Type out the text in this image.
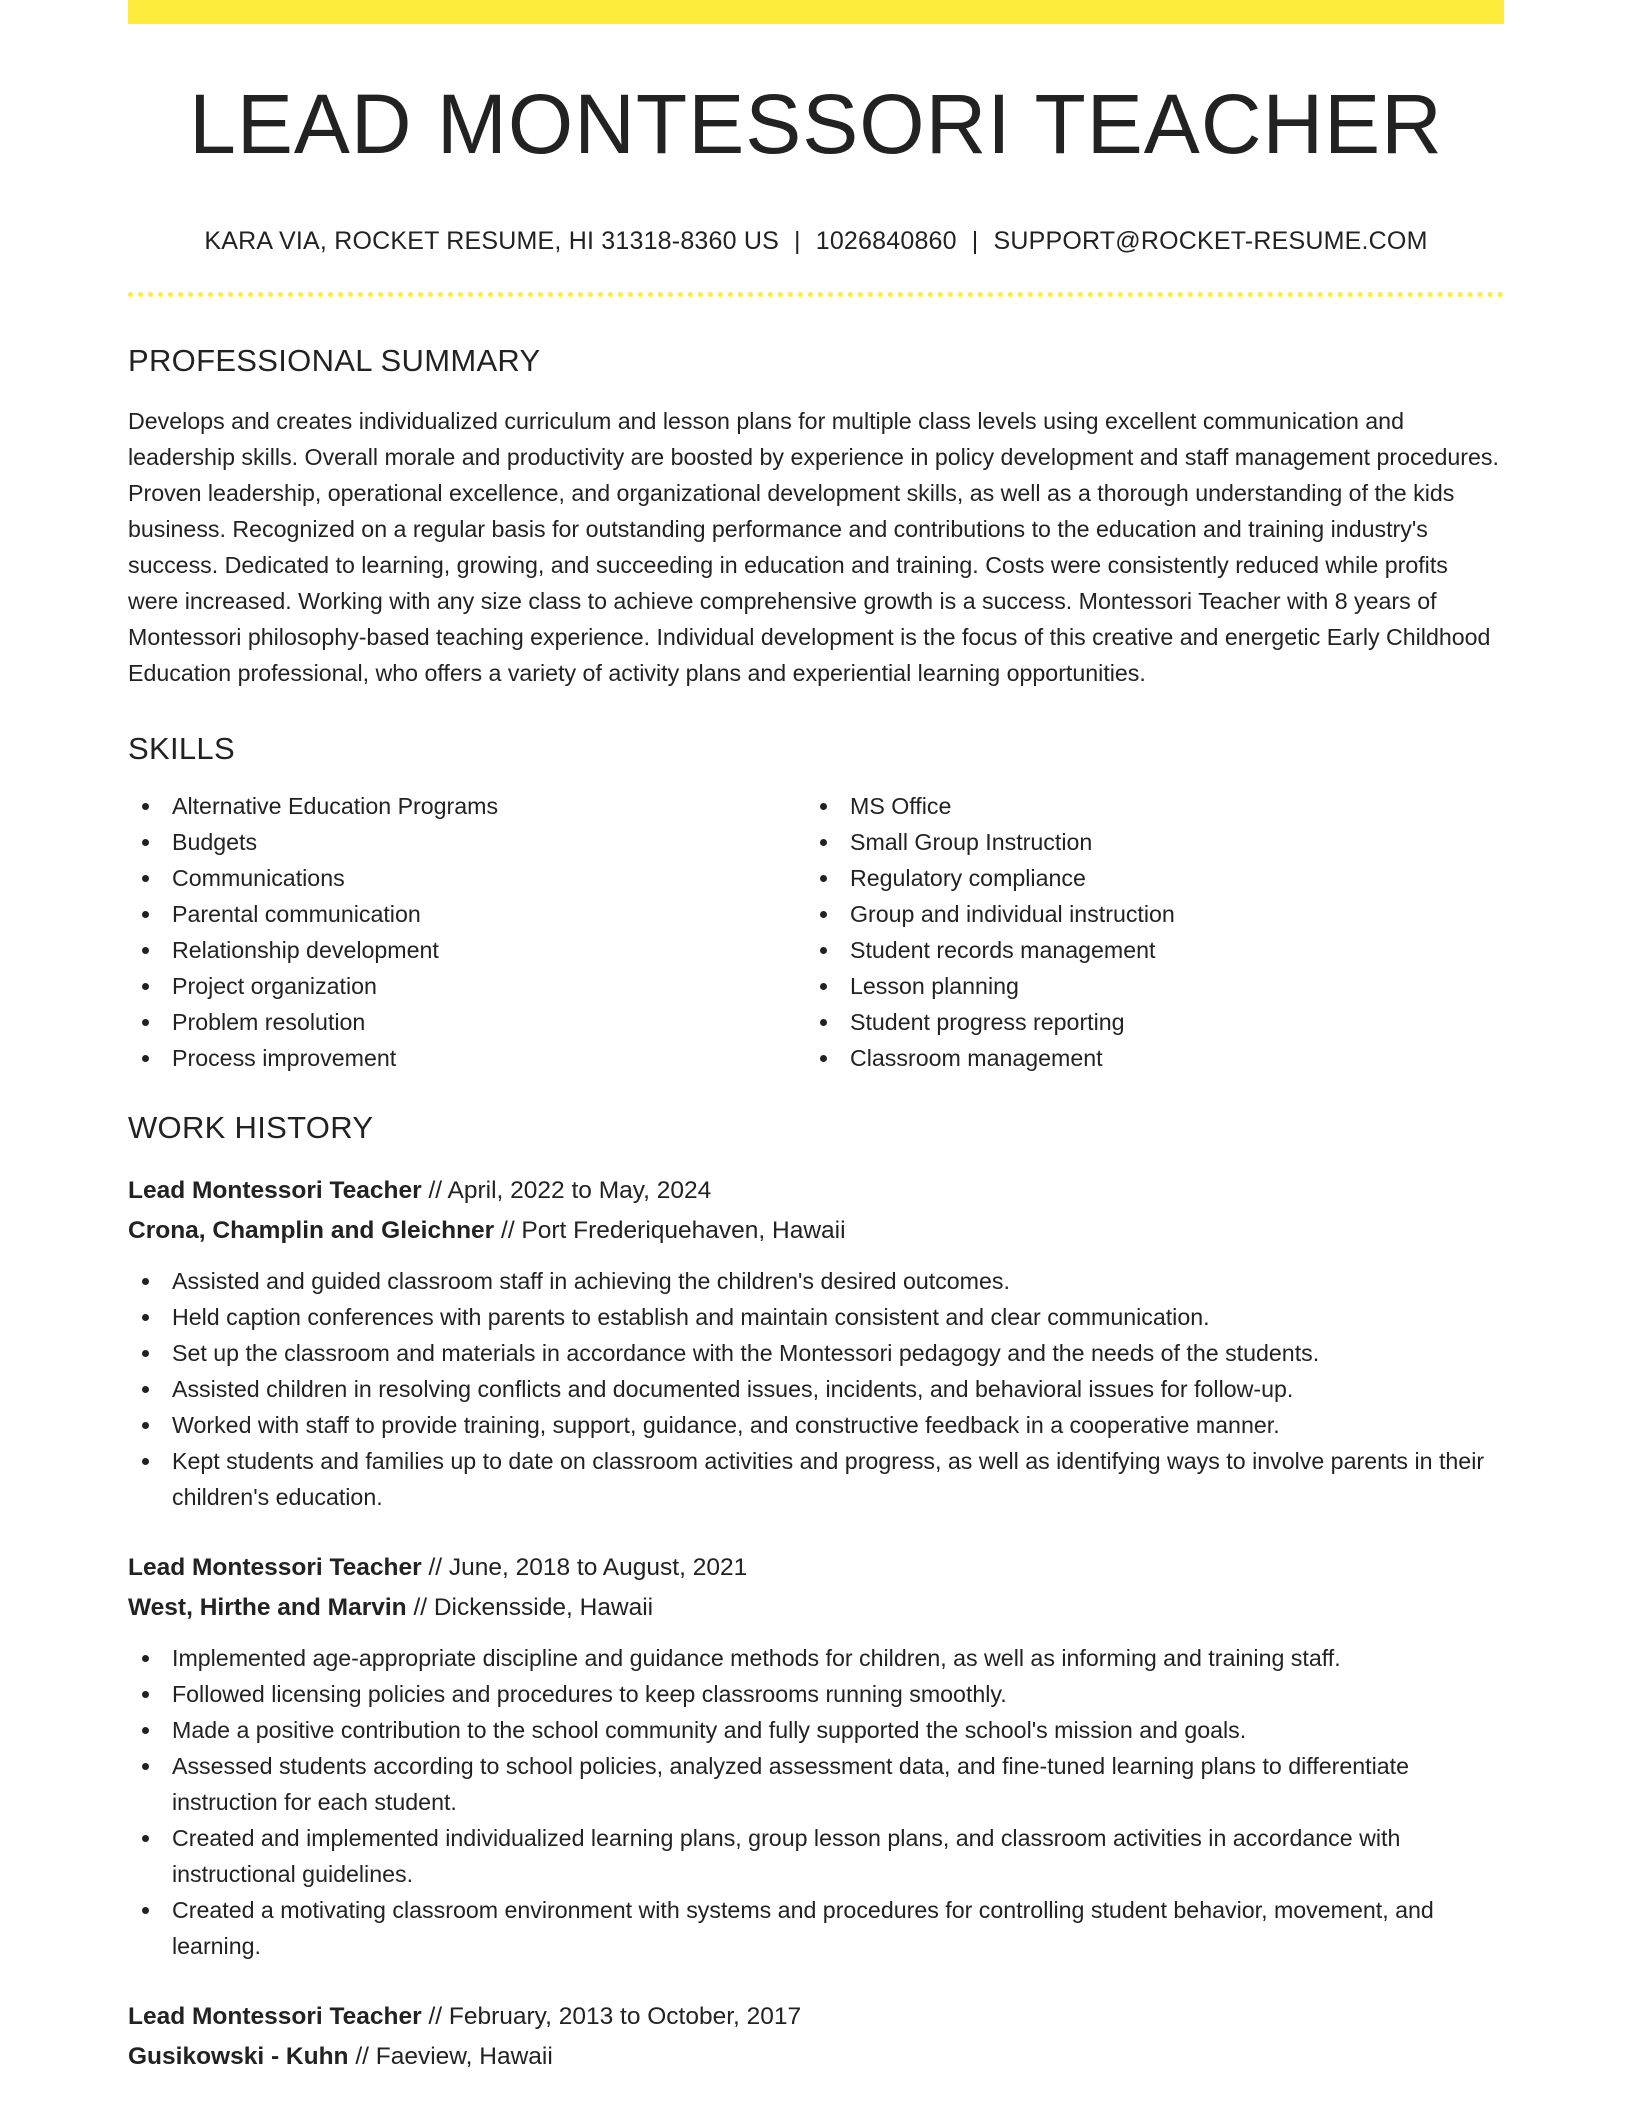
LEAD MONTESSORI TEACHER
KARA VIA, ROCKET RESUME, HI 31318-8360 US | 1026840860 | SUPPORT@ROCKET-RESUME.COM
PROFESSIONAL SUMMARY

Develops and creates individualized curriculum and lesson plans for multiple class levels using excellent communication and leadership skills. Overall morale and productivity are boosted by experience in policy development and staff management procedures. Proven leadership, operational excellence, and organizational development skills, as well as a thorough understanding of the kids business. Recognized on a regular basis for outstanding performance and contributions to the education and training industry's success. Dedicated to learning, growing, and succeeding in education and training. Costs were consistently reduced while profits were increased. Working with any size class to achieve comprehensive growth is a success. Montessori Teacher with 8 years of Montessori philosophy-based teaching experience. Individual development is the focus of this creative and energetic Early Childhood Education professional, who offers a variety of activity plans and experiential learning opportunities.

SKILLS
Alternative Education Programs
Budgets
Communications
Parental communication
Relationship development
Project organization
Problem resolution
Process improvement
MS Office
Small Group Instruction
Regulatory compliance
Group and individual instruction
Student records management
Lesson planning
Student progress reporting
Classroom management
WORK HISTORY
Lead Montessori Teacher // April, 2022 to May, 2024
Crona, Champlin and Gleichner // Port Frederiquehaven, Hawaii
Assisted and guided classroom staff in achieving the children's desired outcomes.
Held caption conferences with parents to establish and maintain consistent and clear communication.
Set up the classroom and materials in accordance with the Montessori pedagogy and the needs of the students.
Assisted children in resolving conflicts and documented issues, incidents, and behavioral issues for follow-up.
Worked with staff to provide training, support, guidance, and constructive feedback in a cooperative manner.
Kept students and families up to date on classroom activities and progress, as well as identifying ways to involve parents in their children's education.
Lead Montessori Teacher // June, 2018 to August, 2021
West, Hirthe and Marvin // Dickensside, Hawaii
Implemented age-appropriate discipline and guidance methods for children, as well as informing and training staff.
Followed licensing policies and procedures to keep classrooms running smoothly.
Made a positive contribution to the school community and fully supported the school's mission and goals.
Assessed students according to school policies, analyzed assessment data, and fine-tuned learning plans to differentiate instruction for each student.
Created and implemented individualized learning plans, group lesson plans, and classroom activities in accordance with instructional guidelines.
Created a motivating classroom environment with systems and procedures for controlling student behavior, movement, and learning.
Lead Montessori Teacher // February, 2013 to October, 2017
Gusikowski - Kuhn // Faeview, Hawaii
